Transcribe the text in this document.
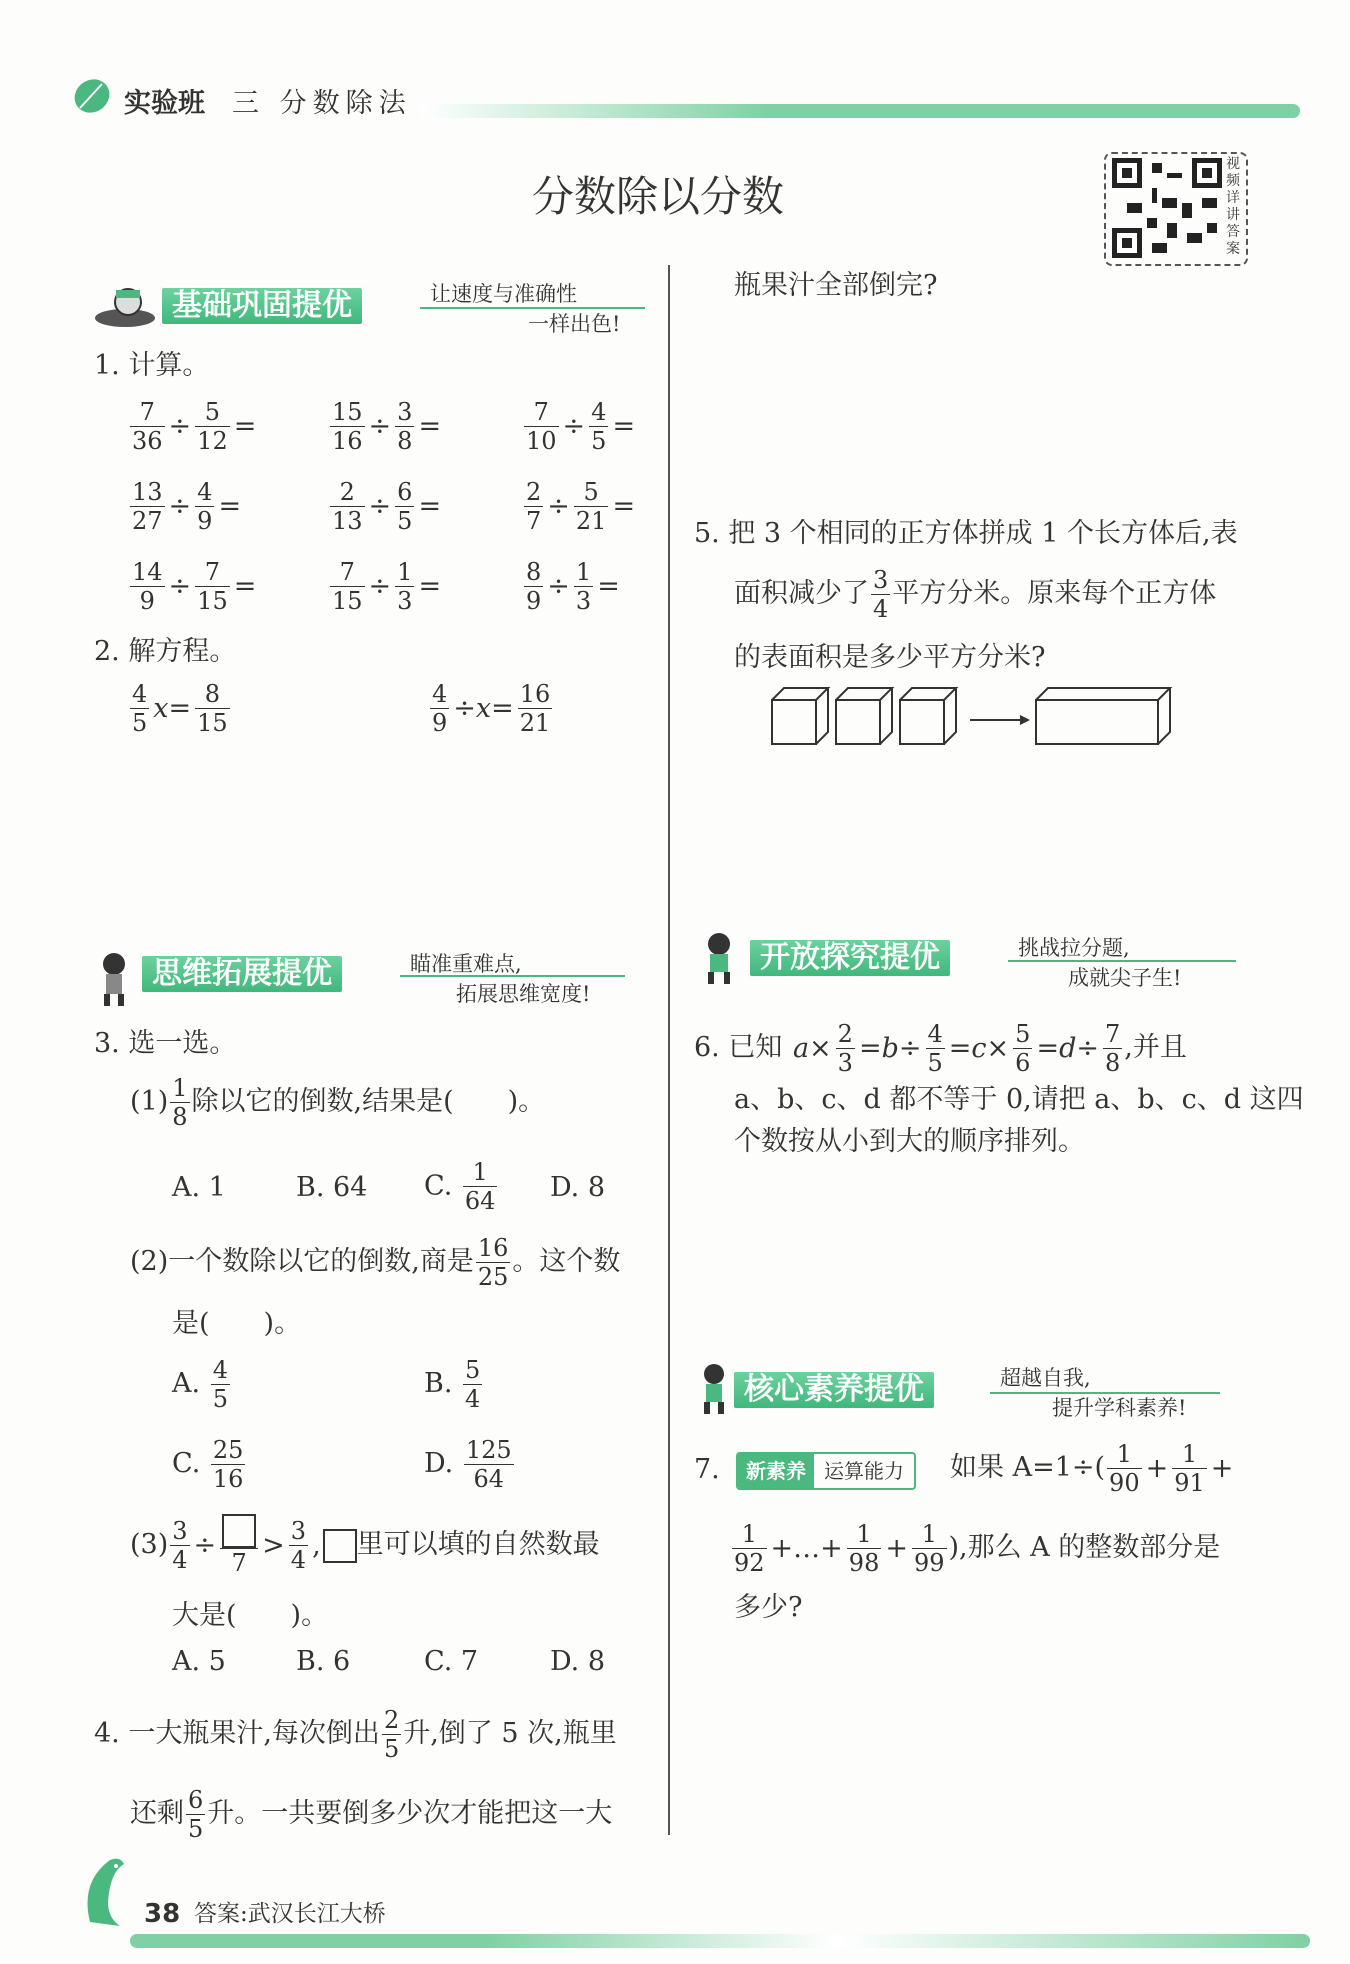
实验班 三 分数除法
分数除以分数
视频详讲答案
基础巩固提优	让速度与准确性
一样出色!
1. 计算。
$\frac{7}{36} \div \frac{5}{12}$ =	$\frac{15}{16} \div \frac{3}{8}$ =	$\frac{7}{10} \div \frac{4}{5}$ =
$\frac{13}{27} \div \frac{4}{9}$ =	$\frac{2}{13} \div \frac{6}{5}$ =	$\frac{2}{7} \div \frac{5}{21}$ =
$\frac{14}{9} \div \frac{7}{15}$ =	$\frac{7}{15} \div \frac{1}{3}$ =	$\frac{8}{9} \div \frac{1}{3}$ =
2. 解方程。
$\frac{4}{5} x= \frac{8}{15}$	$\frac{4}{9} \div x= \frac{16}{21}$
思维拓展提优	瞄准重难点,
拓展思维宽度!
3. 选一选。
$(1) \frac{1}{8}$ 除以它的倒数,结果是(　　)。
A. 1	B. 64 C. $\frac{1}{64} D$. 8
(2)一个数除以它的倒数,商是 $\frac{16}{25}$ 。这个数
是(　　)。
A. $\frac{4}{5}$	B. $\frac{5}{4}$
C. $\frac{25}{16}$	D. $\frac{125}{64}$
$(3) \frac{3}{4}$ ÷
7
> $\frac{3}{4}$ , 里可以填的自然数最
大是(　　)。
A. 5	B. 6	C. 7	D. 8
4. 一大瓶果汁,每次倒出 $\frac{2}{5}$ 升,倒了 5 次,瓶里
还剩 $\frac{6}{5}$ 升。一共要倒多少次才能把这一大
瓶果汁全部倒完?
5. 把 3 个相同的正方体拼成 1 个长方体后,表
面积减少了 $\frac{3}{4}$ 平方分米。原来每个正方体
的表面积是多少平方分米?
开放探究提优	挑战拉分题,
成就尖子生!
6. 已知 $a\times \frac{2}{3} =b\div \frac{4}{5} =c\times \frac{5}{6} =d\div \frac{7}{8}$ ,并且
a、b、c、d 都不等于 0,请把 a、b、c、d 这四
个数按从小到大的顺序排列。
核心素养提优	超越自我,
提升学科素养!
7.	新素养 运算能力	如果 $A=1\div( \frac{1}{90} + \frac{1}{91}$ +
$\frac{1}{92}$ +…+ $\frac{1}{98} + \frac{1}{99}$ ),那么 A 的整数部分是
多少?
38 答案:武汉长江大桥
